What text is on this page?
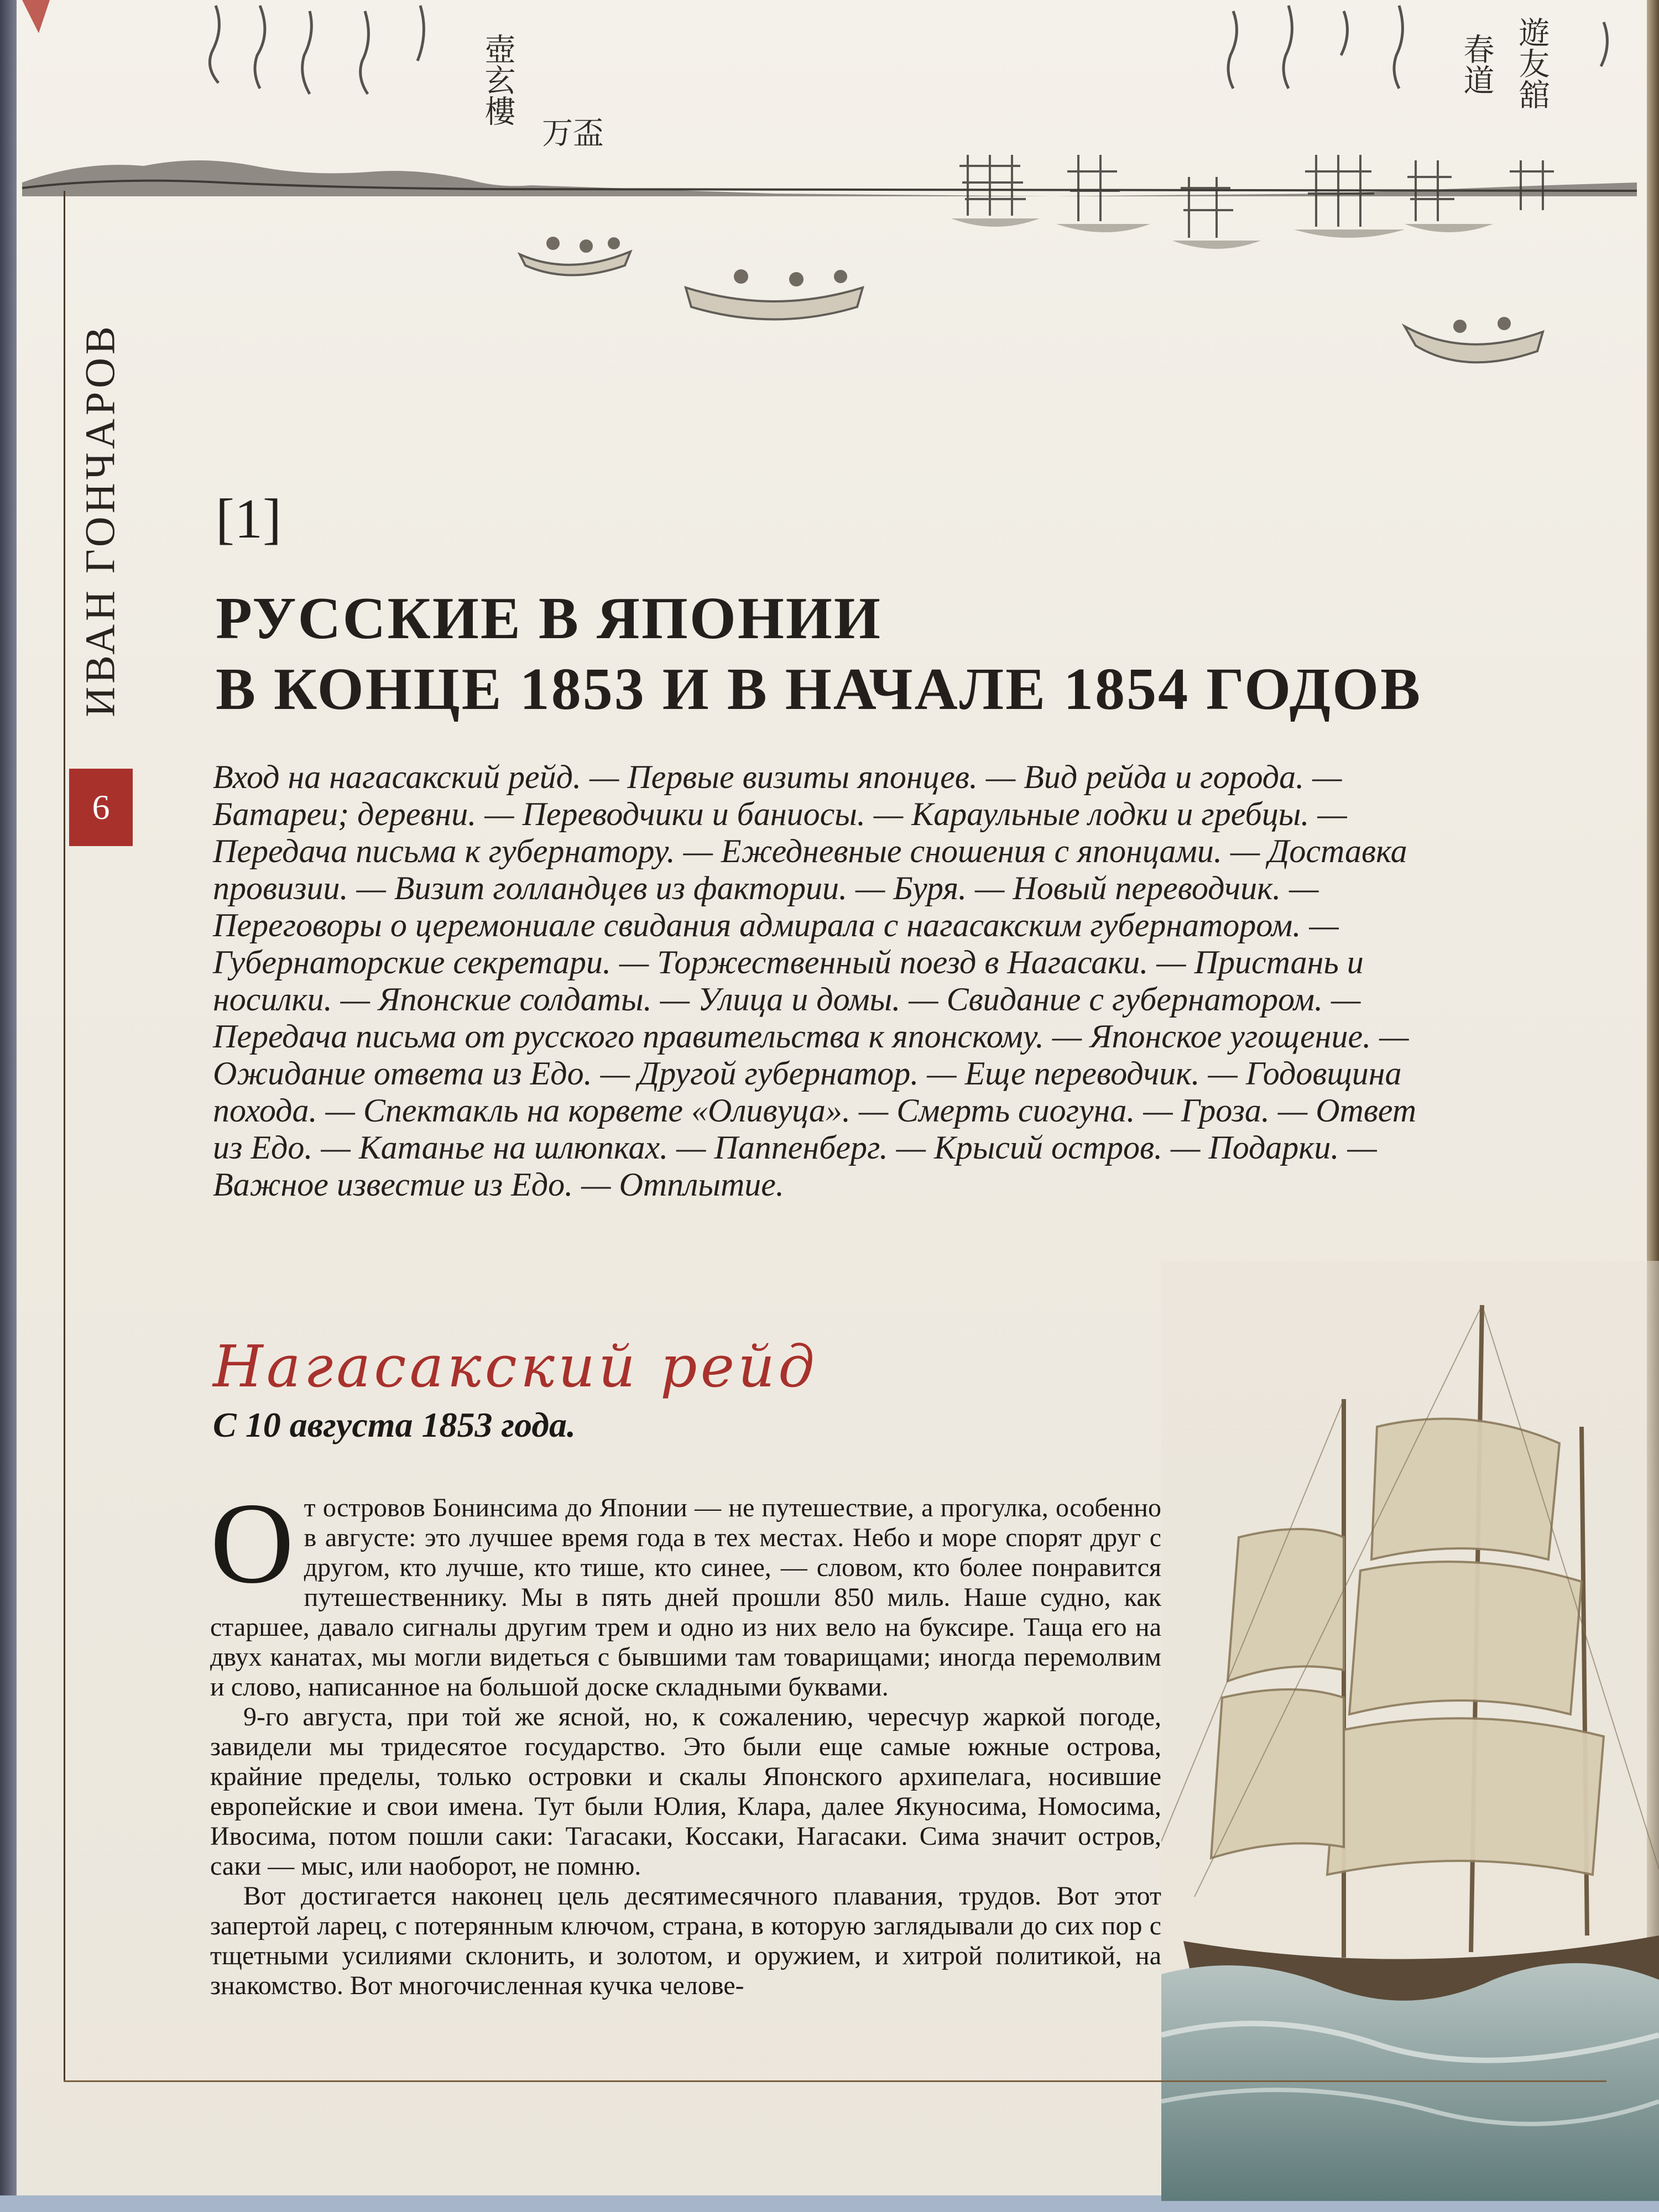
壺玄樓
万盃
遊友舘
春道
ИВАН ГОНЧАРОВ
6
[1]
РУССКИЕ В ЯПОНИИ
В КОНЦЕ 1853 И В НАЧАЛЕ 1854 ГОДОВ
Вход на нагасакский рейд. — Первые визиты японцев. — Вид рейда и города. — Батареи; деревни. — Переводчики и баниосы. — Караульные лодки и гребцы. — Передача письма к губернатору. — Ежедневные сношения с японцами. — Доставка провизии. — Визит голландцев из фактории. — Буря. — Новый переводчик. — Переговоры о церемониале свидания адмирала с нагасакским губернатором. — Губернаторские секретари. — Торжественный поезд в Нагасаки. — Пристань и носилки. — Японские солдаты. — Улица и домы. — Свидание с губернатором. — Передача письма от русского правительства к японскому. — Японское угощение. — Ожидание ответа из Едо. — Другой губернатор. — Еще переводчик. — Годовщина похода. — Спектакль на корвете «Оливуца». — Смерть сиогуна. — Гроза. — Ответ из Едо. — Катанье на шлюпках. — Паппенберг. — Крысий остров. — Подарки. — Важное известие из Едо. — Отплытие.
Нагасакский рейд
С 10 августа 1853 года.

От островов Бонинсима до Японии — не путешествие, а прогулка, особенно в августе: это лучшее время года в тех местах. Небо и море спорят друг с другом, кто лучше, кто тише, кто синее, — словом, кто более понравится путешественнику. Мы в пять дней прошли 850 миль. Наше судно, как старшее, давало сигналы другим трем и одно из них вело на буксире. Таща его на двух канатах, мы могли видеться с бывшими там товарищами; иногда перемолвим и слово, написанное на большой доске складными буквами.

9-го августа, при той же ясной, но, к сожалению, чересчур жаркой погоде, завидели мы тридесятое государство. Это были еще самые южные острова, крайние пределы, только островки и скалы Японского архипелага, носившие европейские и свои имена. Тут были Юлия, Клара, далее Якуносима, Номосима, Ивосима, потом пошли саки: Тагасаки, Коссаки, Нагасаки. Сима значит остров, саки — мыс, или наоборот, не помню.

Вот достигается наконец цель десятимесячного плавания, трудов. Вот этот запертой ларец, с потерянным ключом, страна, в которую заглядывали до сих пор с тщетными усилиями склонить, и золотом, и оружием, и хитрой политикой, на знакомство. Вот многочисленная кучка челове-
